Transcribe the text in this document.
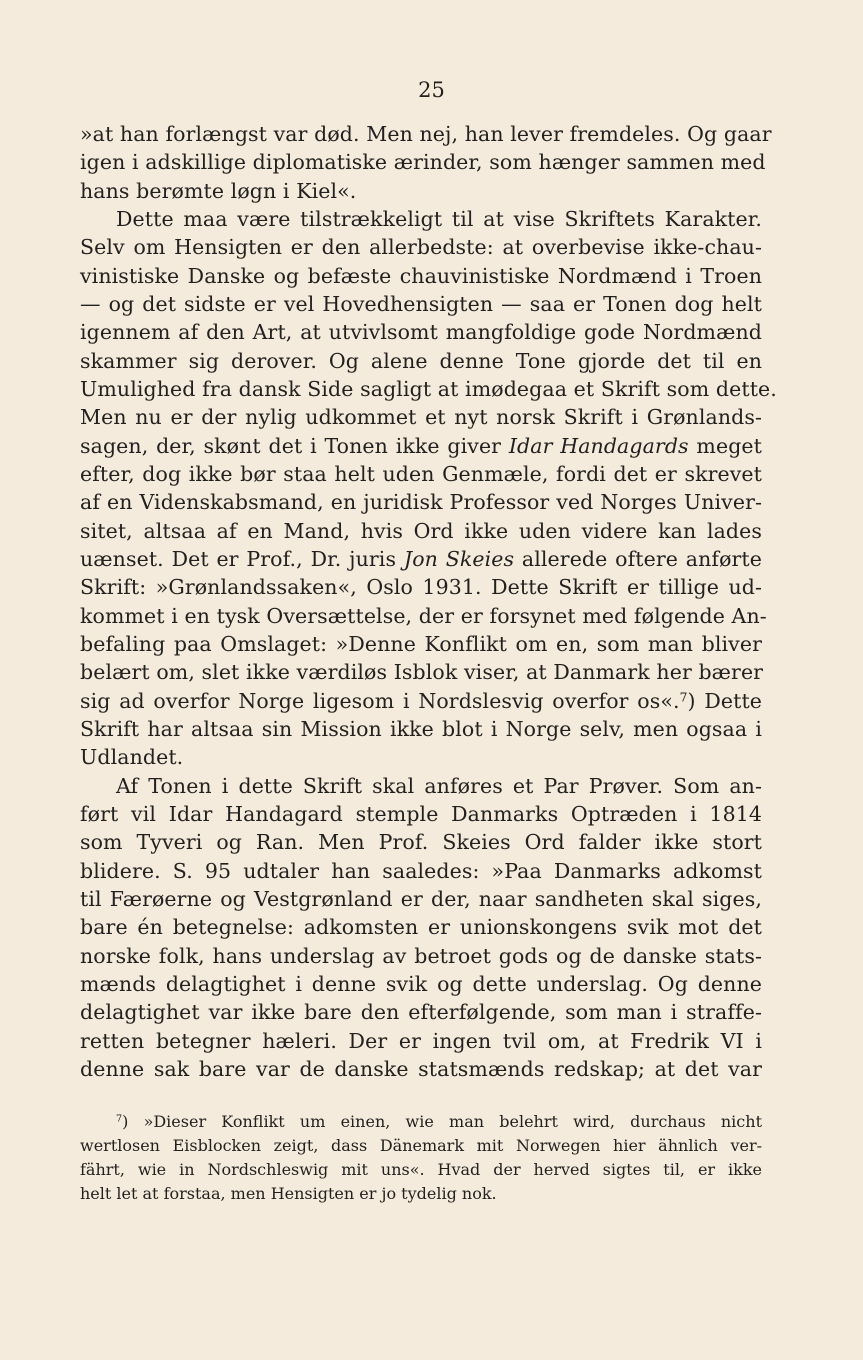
25
»at han forlængst var død. Men nej, han lever fremdeles. Og gaar
igen i adskillige diplomatiske ærinder, som hænger sammen med
hans berømte løgn i Kiel«.
Dette maa være tilstrækkeligt til at vise Skriftets Karakter.
Selv om Hensigten er den allerbedste: at overbevise ikke-chau-
vinistiske Danske og befæste chauvinistiske Nordmænd i Troen
— og det sidste er vel Hovedhensigten — saa er Tonen dog helt
igennem af den Art, at utvivlsomt mangfoldige gode Nordmænd
skammer sig derover. Og alene denne Tone gjorde det til en
Umulighed fra dansk Side sagligt at imødegaa et Skrift som dette.
Men nu er der nylig udkommet et nyt norsk Skrift i Grønlands-
sagen, der, skønt det i Tonen ikke giver Idar Handagards meget
efter, dog ikke bør staa helt uden Genmæle, fordi det er skrevet
af en Videnskabsmand, en juridisk Professor ved Norges Univer-
sitet, altsaa af en Mand, hvis Ord ikke uden videre kan lades
uænset. Det er Prof., Dr. juris Jon Skeies allerede oftere anførte
Skrift: »Grønlandssaken«, Oslo 1931. Dette Skrift er tillige ud-
kommet i en tysk Oversættelse, der er forsynet med følgende An-
befaling paa Omslaget: »Denne Konflikt om en, som man bliver
belært om, slet ikke værdiløs Isblok viser, at Danmark her bærer
sig ad overfor Norge ligesom i Nordslesvig overfor os«.$^7$) Dette
Skrift har altsaa sin Mission ikke blot i Norge selv, men ogsaa i
Udlandet.
Af Tonen i dette Skrift skal anføres et Par Prøver. Som an-
ført vil Idar Handagard stemple Danmarks Optræden i 1814
som Tyveri og Ran. Men Prof. Skeies Ord falder ikke stort
blidere. S. 95 udtaler han saaledes: »Paa Danmarks adkomst
til Færøerne og Vestgrønland er der, naar sandheten skal siges,
bare én betegnelse: adkomsten er unionskongens svik mot det
norske folk, hans underslag av betroet gods og de danske stats-
mænds delagtighet i denne svik og dette underslag. Og denne
delagtighet var ikke bare den efterfølgende, som man i straffe-
retten betegner hæleri. Der er ingen tvil om, at Fredrik VI i
denne sak bare var de danske statsmænds redskap; at det var
$^7$) »Dieser Konflikt um einen, wie man belehrt wird, durchaus nicht
wertlosen Eisblocken zeigt, dass Dänemark mit Norwegen hier ähnlich ver-
fährt, wie in Nordschleswig mit uns«. Hvad der herved sigtes til, er ikke
helt let at forstaa, men Hensigten er jo tydelig nok.
